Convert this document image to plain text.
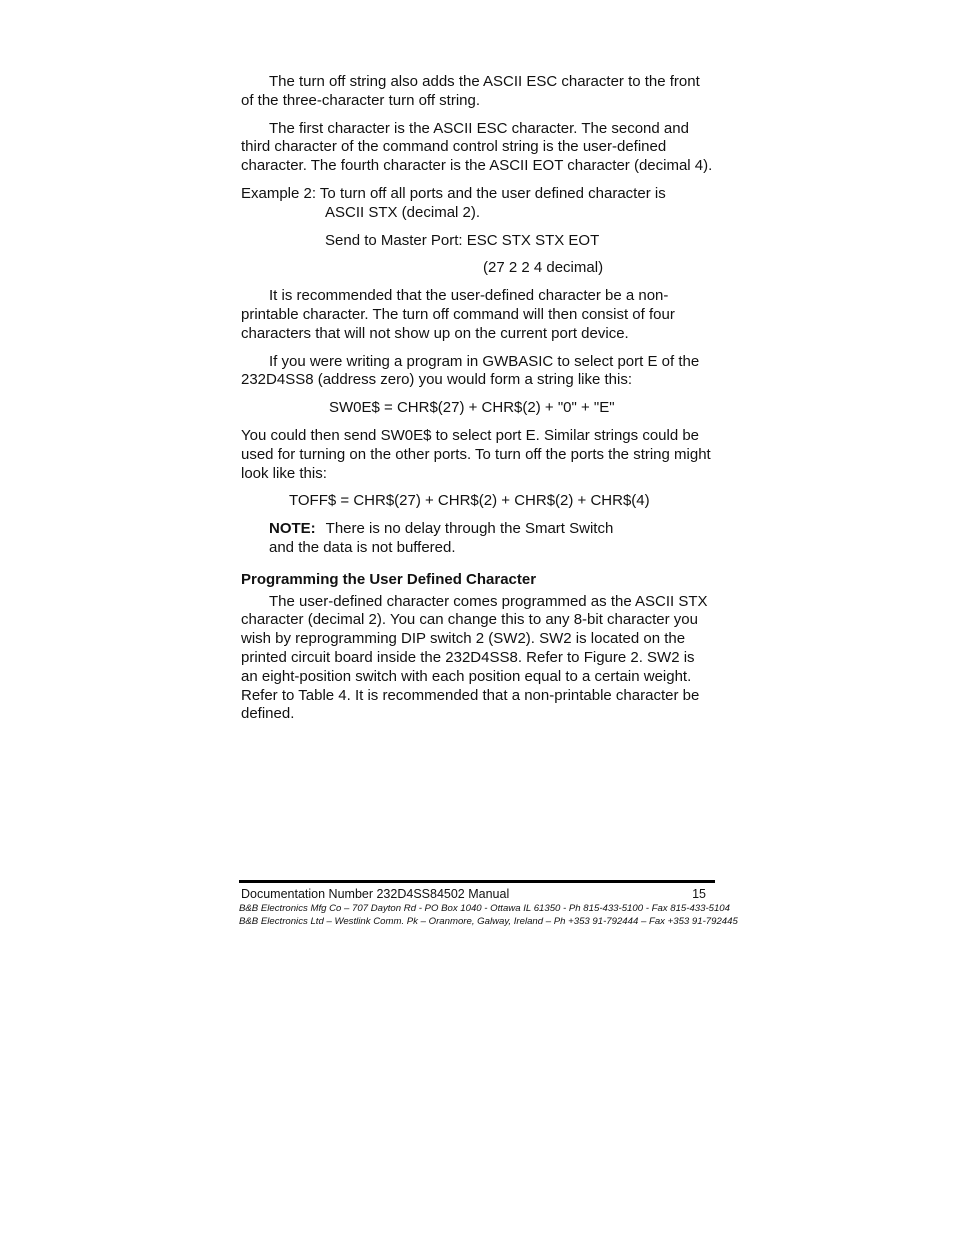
The turn off string also adds the ASCII ESC character to the front of the three-character turn off string.

The first character is the ASCII ESC character. The second and third character of the command control string is the user-defined character. The fourth character is the ASCII EOT character (decimal 4).

Example 2: To turn off all ports and the user defined character is
ASCII STX (decimal 2).
Send to Master Port: ESC STX STX EOT
(27 2 2 4 decimal)

It is recommended that the user-defined character be a non-printable character. The turn off command will then consist of four characters that will not show up on the current port device.

If you were writing a program in GWBASIC to select port E of the 232D4SS8 (address zero) you would form a string like this:

SW0E$ = CHR$(27) + CHR$(2) + "0" + "E"

You could then send SW0E$ to select port E. Similar strings could be used for turning on the other ports. To turn off the ports the string might look like this:

TOFF$ = CHR$(27) + CHR$(2) + CHR$(2) + CHR$(4)
NOTE: There is no delay through the Smart Switch and the data is not buffered.
Programming the User Defined Character

The user-defined character comes programmed as the ASCII STX character (decimal 2). You can change this to any 8-bit character you wish by reprogramming DIP switch 2 (SW2). SW2 is located on the printed circuit board inside the 232D4SS8. Refer to Figure 2. SW2 is an eight-position switch with each position equal to a certain weight. Refer to Table 4. It is recommended that a non-printable character be defined.

Documentation Number 232D4SS84502 Manual	15
B&B Electronics Mfg Co – 707 Dayton Rd - PO Box 1040 - Ottawa IL 61350 - Ph 815-433-5100 - Fax 815-433-5104
B&B Electronics Ltd – Westlink Comm. Pk – Oranmore, Galway, Ireland – Ph +353 91-792444 – Fax +353 91-792445
